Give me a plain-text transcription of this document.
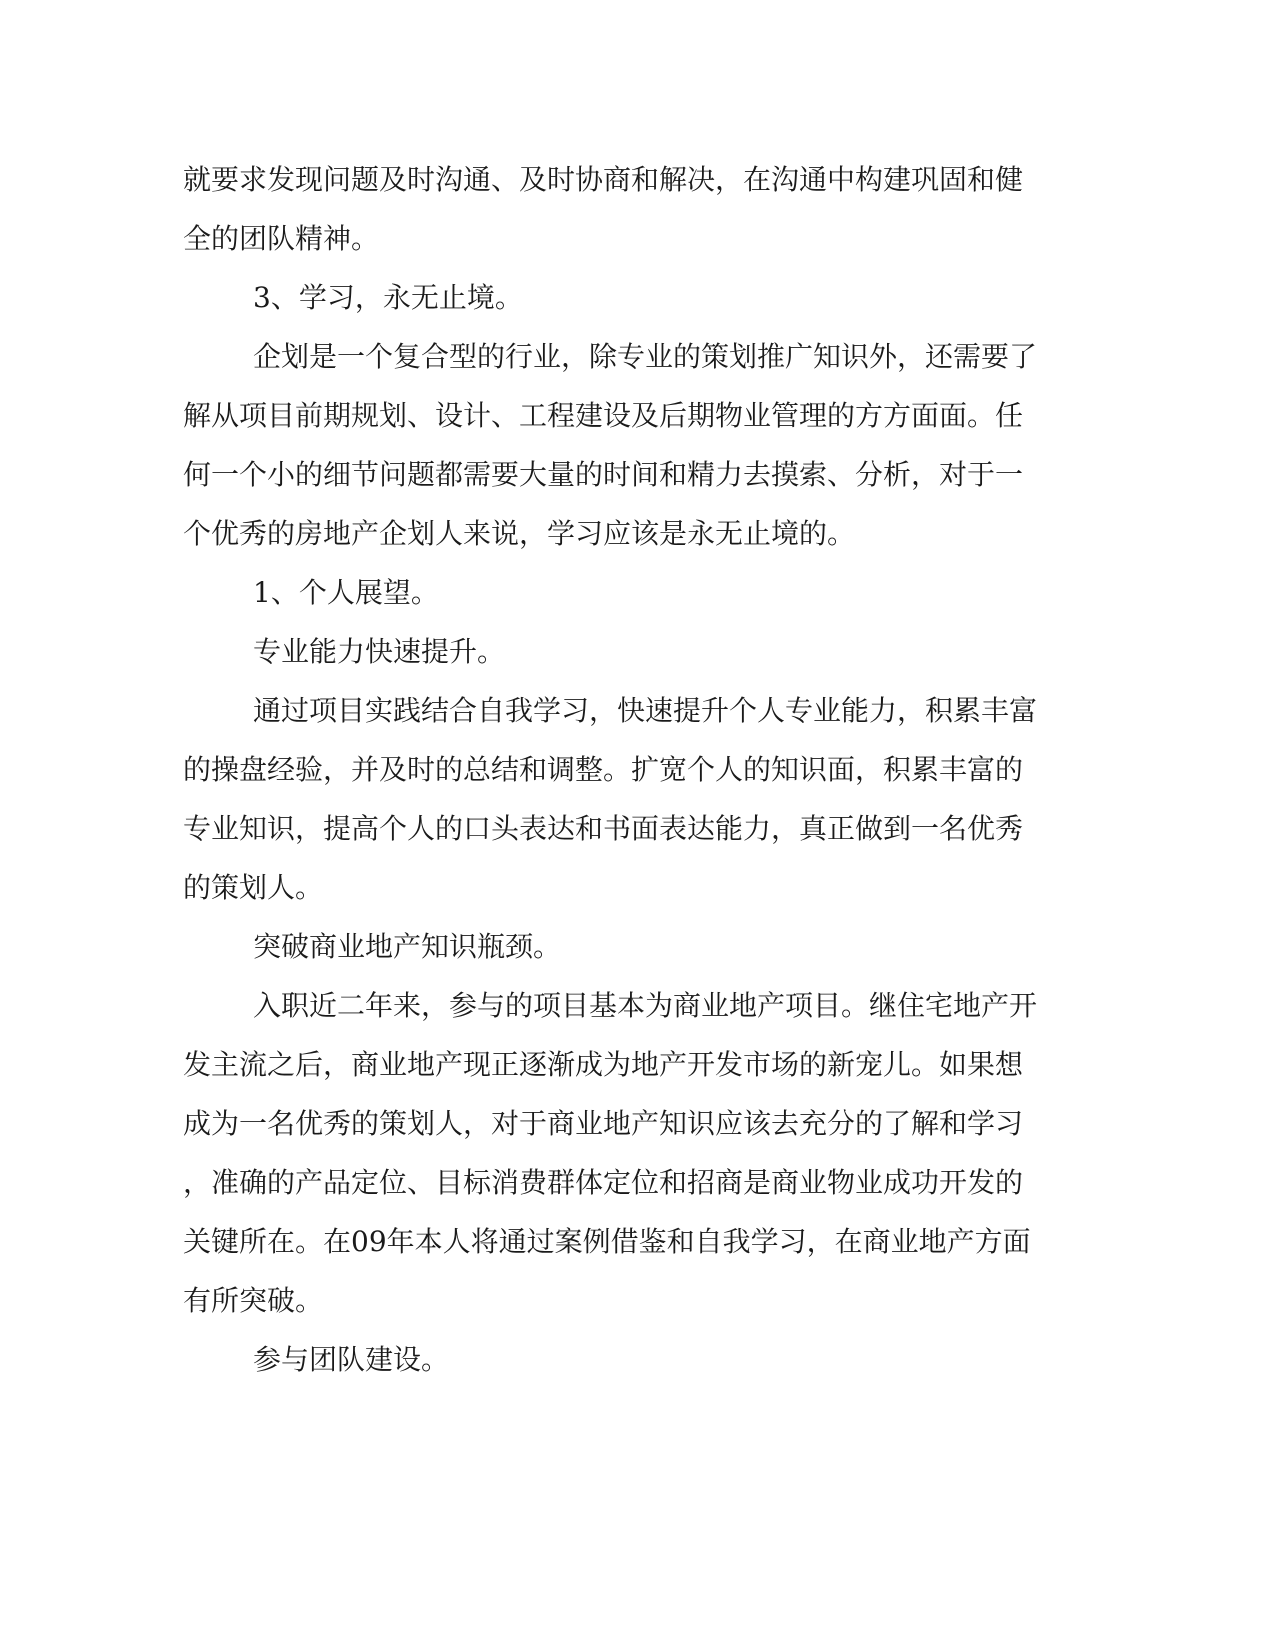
就要求发现问题及时沟通、及时协商和解决，在沟通中构建巩固和健

全的团队精神。

3、学习，永无止境。

企划是一个复合型的行业，除专业的策划推广知识外，还需要了

解从项目前期规划、设计、工程建设及后期物业管理的方方面面。任

何一个小的细节问题都需要大量的时间和精力去摸索、分析，对于一

个优秀的房地产企划人来说，学习应该是永无止境的。

1、个人展望。

专业能力快速提升。

通过项目实践结合自我学习，快速提升个人专业能力，积累丰富

的操盘经验，并及时的总结和调整。扩宽个人的知识面，积累丰富的

专业知识，提高个人的口头表达和书面表达能力，真正做到一名优秀

的策划人。

突破商业地产知识瓶颈。

入职近二年来，参与的项目基本为商业地产项目。继住宅地产开

发主流之后，商业地产现正逐渐成为地产开发市场的新宠儿。如果想

成为一名优秀的策划人，对于商业地产知识应该去充分的了解和学习

，准确的产品定位、目标消费群体定位和招商是商业物业成功开发的

关键所在。在09年本人将通过案例借鉴和自我学习，在商业地产方面

有所突破。

参与团队建设。
